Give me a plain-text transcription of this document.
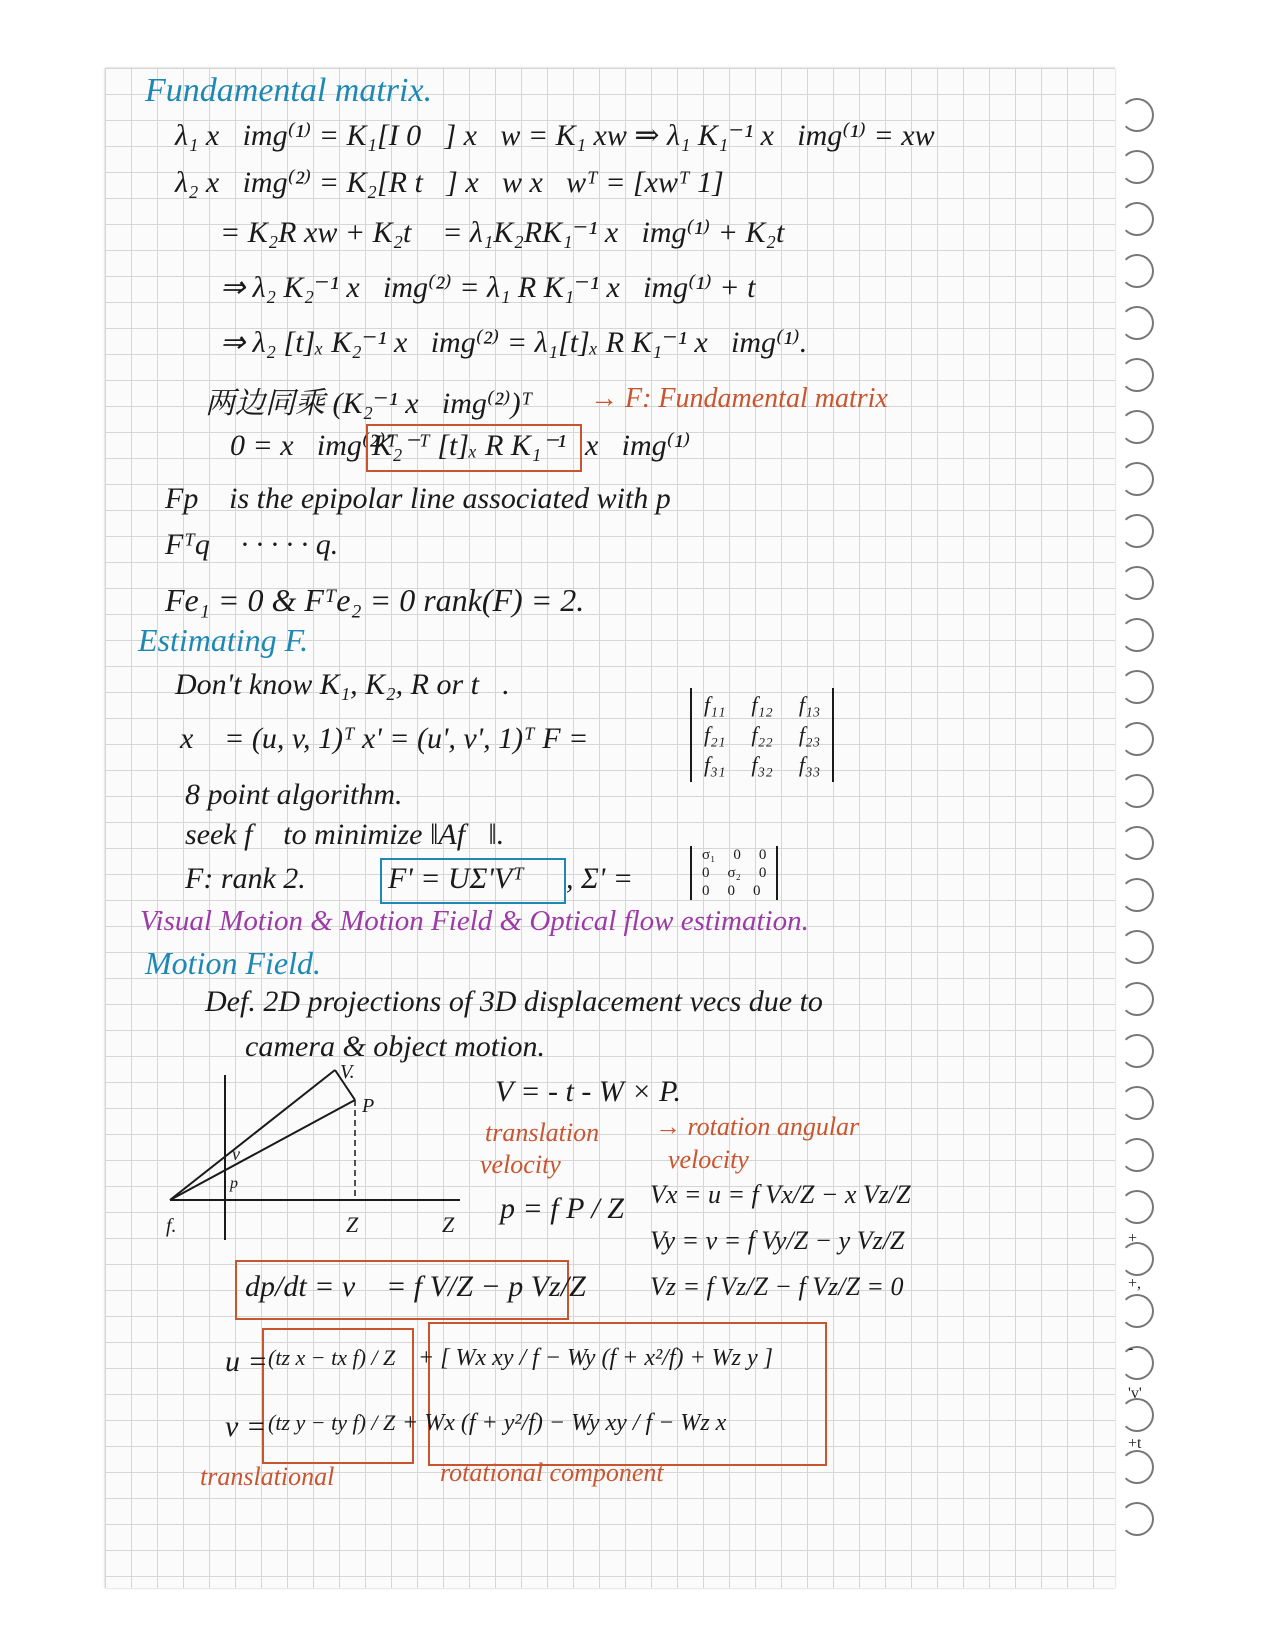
+
+,
-
'v'
+t
Fundamental matrix.
λ₁ x⃗img⁽¹⁾ = K₁[I 0⃗] x⃗w = K₁ xw ⇒ λ₁ K₁⁻¹ x⃗img⁽¹⁾ = xw
λ₂ x⃗img⁽²⁾ = K₂[R t⃗] x⃗w x⃗wᵀ = [xwᵀ 1]
= K₂R xw + K₂t⃗ = λ₁K₂RK₁⁻¹ x⃗img⁽¹⁾ + K₂t⃗
⇒ λ₂ K₂⁻¹ x⃗img⁽²⁾ = λ₁ R K₁⁻¹ x⃗img⁽¹⁾ + t⃗
⇒ λ₂ [t]ₓ K₂⁻¹ x⃗img⁽²⁾ = λ₁[t]ₓ R K₁⁻¹ x⃗img⁽¹⁾.
两边同乘 (K₂⁻¹ x⃗img⁽²⁾)ᵀ → F: Fundamental matrix
0 = x⃗img⁽²⁾ᵀ
K₂⁻ᵀ [t]ₓ R K₁⁻¹ x⃗img⁽¹⁾
Fp⃗ is the epipolar line associated with p
Fᵀq⃗ · · · · · q.
Fe₁ = 0 & Fᵀe₂ = 0 rank(F) = 2.
Estimating F.
Don't know K₁, K₂, R or t⃗.
x⃗ = (u, v, 1)ᵀ x' = (u', v', 1)ᵀ F =
f₁₁ f₁₂ f₁₃
f₂₁ f₂₂ f₂₃
f₃₁ f₃₂ f₃₃
8 point algorithm.
seek f⃗ to minimize ‖Af⃗‖.
F: rank 2.	F' = UΣ'Vᵀ , Σ' =
σ₁ 0 0
0 σ₂ 0
0 0 0
Visual Motion & Motion Field & Optical flow estimation.
Motion Field.
Def. 2D projections of 3D displacement vecs due to
camera & object motion.
V.
P
v
p
f.	Z	Z
V = - t - W × P.
translation
velocity
→ rotation angular
velocity
p = f P / Z Vx = u = f Vx/Z − x Vz/Z
Vy = v = f Vy/Z − y Vz/Z
Vz = f Vz/Z − f Vz/Z = 0
dp/dt = v⃗ = f V/Z − p Vz/Z
u = (tz x − tx f) / Z + [ Wx xy / f − Wy (f + x²/f) + Wz y ]
v = (tz y − ty f) / Z + Wx (f + y²/f) − Wy xy / f − Wz x
translational	rotational component
